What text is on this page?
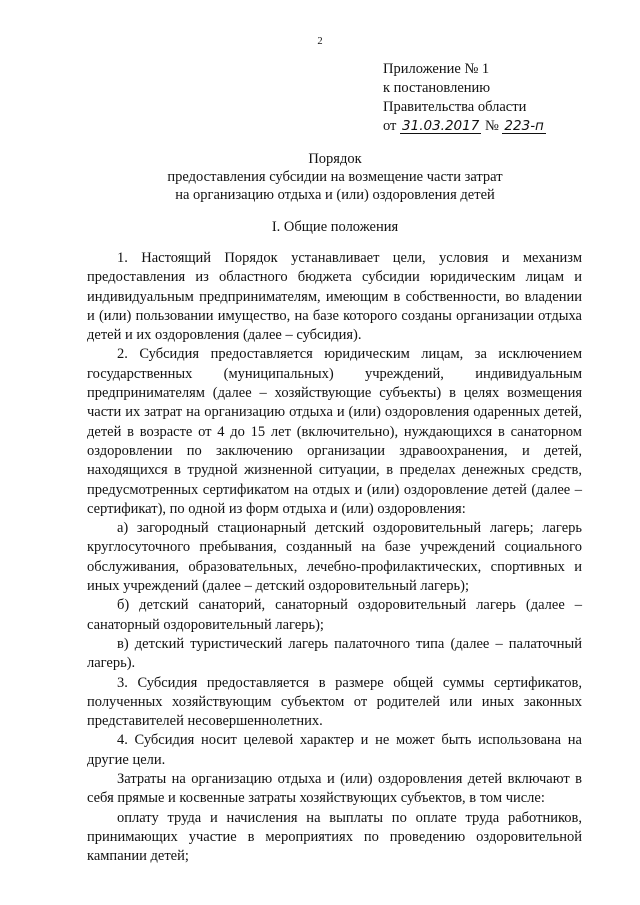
2
Приложение № 1
к постановлению
Правительства области
от 31.03.2017 № 223-п
Порядок
предоставления субсидии на возмещение части затрат
на организацию отдыха и (или) оздоровления детей
I. Общие положения

1. Настоящий Порядок устанавливает цели, условия и механизм предоставления из областного бюджета субсидии юридическим лицам и индивидуальным предпринимателям, имеющим в собственности, во владении и (или) пользовании имущество, на базе которого созданы организации отдыха детей и их оздоровления (далее – субсидия).

2. Субсидия предоставляется юридическим лицам, за исключением государственных (муниципальных) учреждений, индивидуальным предпринимателям (далее – хозяйствующие субъекты) в целях возмещения части их затрат на организацию отдыха и (или) оздоровления одаренных детей, детей в возрасте от 4 до 15 лет (включительно), нуждающихся в санаторном оздоровлении по заключению организации здравоохранения, и детей, находящихся в трудной жизненной ситуации, в пределах денежных средств, предусмотренных сертификатом на отдых и (или) оздоровление детей (далее – сертификат), по одной из форм отдыха и (или) оздоровления:

а) загородный стационарный детский оздоровительный лагерь; лагерь круглосуточного пребывания, созданный на базе учреждений социального обслуживания, образовательных, лечебно-профилактических, спортивных и иных учреждений (далее – детский оздоровительный лагерь);

б) детский санаторий, санаторный оздоровительный лагерь (далее – санаторный оздоровительный лагерь);

в) детский туристический лагерь палаточного типа (далее – палаточный лагерь).

3. Субсидия предоставляется в размере общей суммы сертификатов, полученных хозяйствующим субъектом от родителей или иных законных представителей несовершеннолетних.

4. Субсидия носит целевой характер и не может быть использована на другие цели.

Затраты на организацию отдыха и (или) оздоровления детей включают в себя прямые и косвенные затраты хозяйствующих субъектов, в том числе:

оплату труда и начисления на выплаты по оплате труда работников, принимающих участие в мероприятиях по проведению оздоровительной кампании детей;
